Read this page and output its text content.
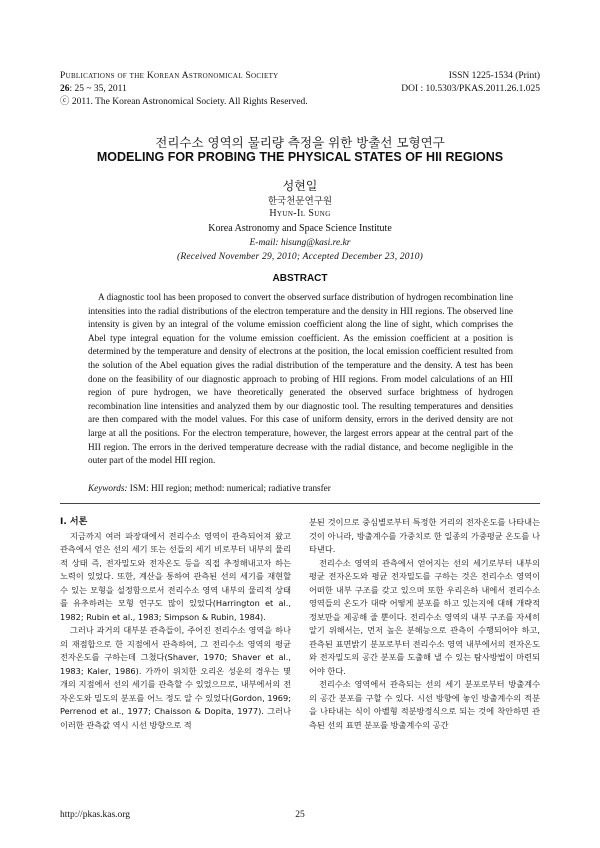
Publications of the Korean Astronomical Society
26: 25 ~ 35, 2011
ⓒ 2011. The Korean Astronomical Society. All Rights Reserved.
ISSN 1225-1534 (Print)
DOI : 10.5303/PKAS.2011.26.1.025
전리수소 영역의 물리량 측정을 위한 방출선 모형연구
MODELING FOR PROBING THE PHYSICAL STATES OF HII REGIONS
성현일
한국천문연구원
Hyun-Il Sung
Korea Astronomy and Space Science Institute
E-mail: hisung@kasi.re.kr
(Received November 29, 2010; Accepted December 23, 2010)
ABSTRACT
A diagnostic tool has been proposed to convert the observed surface distribution of hydrogen recombination line intensities into the radial distributions of the electron temperature and the density in HII regions. The observed line intensity is given by an integral of the volume emission coefficient along the line of sight, which comprises the Abel type integral equation for the volume emission coefficient. As the emission coefficient at a position is determined by the temperature and density of electrons at the position, the local emission coefficient resulted from the solution of the Abel equation gives the radial distribution of the temperature and the density. A test has been done on the feasibility of our diagnostic approach to probing of HII regions. From model calculations of an HII region of pure hydrogen, we have theoretically generated the observed surface brightness of hydrogen recombination line intensities and analyzed them by our diagnostic tool. The resulting temperatures and densities are then compared with the model values. For this case of uniform density, errors in the derived density are not large at all the positions. For the electron temperature, however, the largest errors appear at the central part of the HII region. The errors in the derived temperature decrease with the radial distance, and become negligible in the outer part of the model HII region.
Keywords: ISM: HII region; method: numerical; radiative transfer

I. 서론

지금까지 여러 파장대에서 전리수소 영역이 관측되어져 왔고 관측에서 얻은 선의 세기 또는 선들의 세기 비로부터 내부의 물리적 상태 즉, 전자밀도와 전자온도 등을 직접 추정해내고자 하는 노력이 있었다. 또한, 계산을 통하여 관측된 선의 세기를 재현할 수 있는 모형을 설정함으로서 전리수소 영역 내부의 물리적 상태를 유추하려는 모형 연구도 많이 있었다(Harrington et al., 1982; Rubin et al., 1983; Simpson & Rubin, 1984).

그러나 과거의 대부분 관측들이, 주어진 전리수소 영역을 하나의 재점합으로 한 지점에서 관측하여, 그 전리수소 영역의 평균 전자온도를 구하는데 그쳤다(Shaver, 1970; Shaver et al., 1983; Kaler, 1986). 가까이 위치한 오리온 성운의 경우는 몇 개의 지점에서 선의 세기를 관측할 수 있었으므로, 내부에서의 전자온도와 밀도의 분포를 어느 정도 알 수 있었다(Gordon, 1969; Perrenod et al., 1977; Chaisson & Dopita, 1977). 그러나 이러한 관측값 역시 시선 방향으로 적

분된 것이므로 중심별로부터 특정한 거리의 전자온도를 나타내는 것이 아니라, 방출계수를 가중치로 한 일종의 가중평균 온도를 나타낸다.

전리수소 영역의 관측에서 얻어지는 선의 세기로부터 내부의 평균 전자온도와 평균 전자밀도를 구하는 것은 전리수소 영역이 어떠한 내부 구조를 갖고 있으며 또한 우리은하 내에서 전리수소 영역들의 온도가 대략 어떻게 분포를 하고 있는지에 대해 개략적 정보만을 제공해 줄 뿐이다. 전리수소 영역의 내부 구조를 자세히 알기 위해서는, 먼저 높은 분해능으로 관측이 수행되어야 하고, 관측된 표면밝기 분포로부터 전리수소 영역 내부에서의 전자온도와 전자밀도의 공간 분포를 도출해 낼 수 있는 탐사방법이 마련되어야 한다.

전리수소 영역에서 관측되는 선의 세기 분포로부터 방출계수의 공간 분포를 구할 수 있다. 시선 방향에 놓인 방출계수의 적분을 나타내는 식이 아벨형 적분방정식으로 되는 것에 착안하면 관측된 선의 표면 분포를 방출계수의 공간

http://pkas.kas.org	25
